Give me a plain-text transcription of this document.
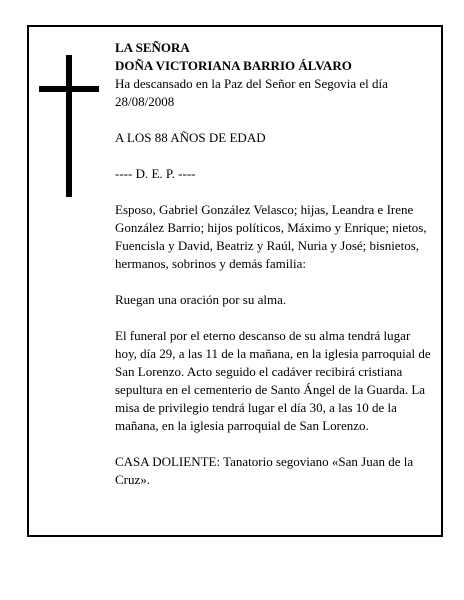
LA SEÑORA

DOÑA VICTORIANA BARRIO ÁLVARO

Ha descansado en la Paz del Señor en Segovia el día 28/08/2008

A LOS 88 AÑOS DE EDAD

---- D. E. P. ----

Esposo, Gabriel González Velasco; hijas, Leandra e Irene González Barrio; hijos políticos, Máximo y Enrique; nietos, Fuencisla y David, Beatriz y Raúl, Nuria y José; bisnietos, hermanos, sobrinos y demás familia:

Ruegan una oración por su alma.

El funeral por el eterno descanso de su alma tendrá lugar hoy, día 29, a las 11 de la mañana, en la iglesia parroquial de San Lorenzo. Acto seguido el cadáver recibirá cristiana sepultura en el cementerio de Santo Ángel de la Guarda. La misa de privilegio tendrá lugar el día 30, a las 10 de la mañana, en la iglesia parroquial de San Lorenzo.

CASA DOLIENTE: Tanatorio segoviano «San Juan de la Cruz».
